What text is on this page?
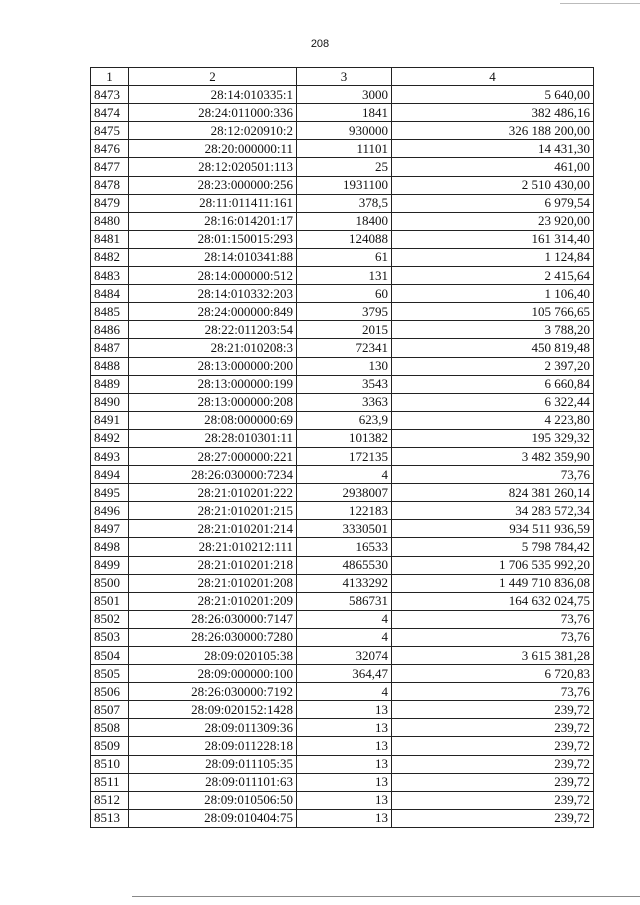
208
1	2	3	4
8473	28:14:010335:1	3000	5 640,00
8474	28:24:011000:336	1841	382 486,16
8475	28:12:020910:2	930000	326 188 200,00
8476	28:20:000000:11	11101	14 431,30
8477	28:12:020501:113	25	461,00
8478	28:23:000000:256	1931100	2 510 430,00
8479	28:11:011411:161	378,5	6 979,54
8480	28:16:014201:17	18400	23 920,00
8481	28:01:150015:293	124088	161 314,40
8482	28:14:010341:88	61	1 124,84
8483	28:14:000000:512	131	2 415,64
8484	28:14:010332:203	60	1 106,40
8485	28:24:000000:849	3795	105 766,65
8486	28:22:011203:54	2015	3 788,20
8487	28:21:010208:3	72341	450 819,48
8488	28:13:000000:200	130	2 397,20
8489	28:13:000000:199	3543	6 660,84
8490	28:13:000000:208	3363	6 322,44
8491	28:08:000000:69	623,9	4 223,80
8492	28:28:010301:11	101382	195 329,32
8493	28:27:000000:221	172135	3 482 359,90
8494	28:26:030000:7234	4	73,76
8495	28:21:010201:222	2938007	824 381 260,14
8496	28:21:010201:215	122183	34 283 572,34
8497	28:21:010201:214	3330501	934 511 936,59
8498	28:21:010212:111	16533	5 798 784,42
8499	28:21:010201:218	4865530	1 706 535 992,20
8500	28:21:010201:208	4133292	1 449 710 836,08
8501	28:21:010201:209	586731	164 632 024,75
8502	28:26:030000:7147	4	73,76
8503	28:26:030000:7280	4	73,76
8504	28:09:020105:38	32074	3 615 381,28
8505	28:09:000000:100	364,47	6 720,83
8506	28:26:030000:7192	4	73,76
8507	28:09:020152:1428	13	239,72
8508	28:09:011309:36	13	239,72
8509	28:09:011228:18	13	239,72
8510	28:09:011105:35	13	239,72
8511	28:09:011101:63	13	239,72
8512	28:09:010506:50	13	239,72
8513	28:09:010404:75	13	239,72
